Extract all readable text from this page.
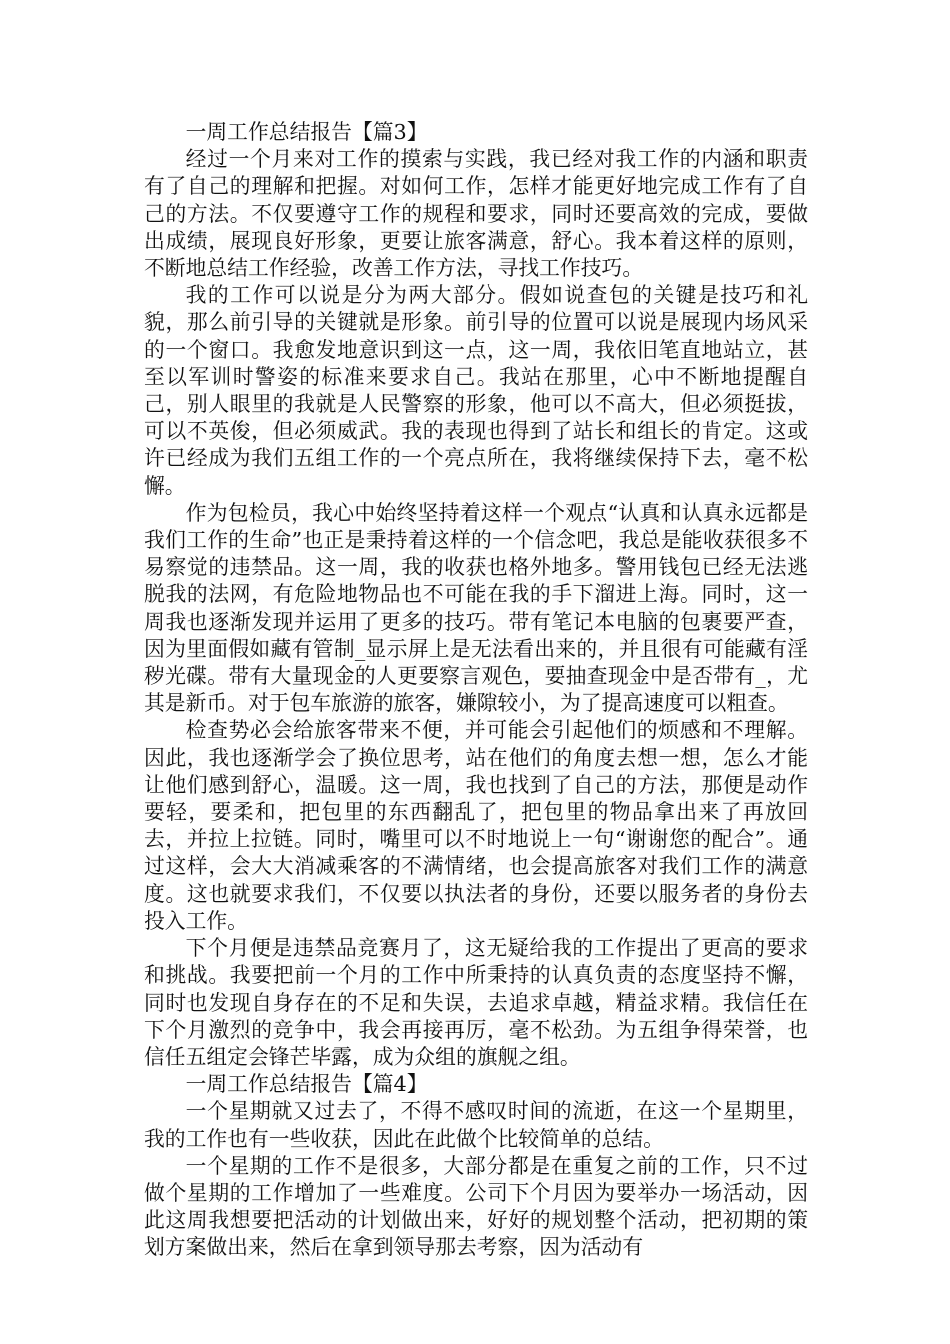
一周工作总结报告【篇3】

经过一个月来对工作的摸索与实践，我已经对我工作的内涵和职责有了自己的理解和把握。对如何工作，怎样才能更好地完成工作有了自己的方法。不仅要遵守工作的规程和要求，同时还要高效的完成，要做出成绩，展现良好形象，更要让旅客满意，舒心。我本着这样的原则，不断地总结工作经验，改善工作方法，寻找工作技巧。

我的工作可以说是分为两大部分。假如说查包的关键是技巧和礼貌，那么前引导的关键就是形象。前引导的位置可以说是展现内场风采的一个窗口。我愈发地意识到这一点，这一周，我依旧笔直地站立，甚至以军训时警姿的标准来要求自己。我站在那里，心中不断地提醒自己，别人眼里的我就是人民警察的形象，他可以不高大，但必须挺拔，可以不英俊，但必须威武。我的表现也得到了站长和组长的肯定。这或许已经成为我们五组工作的一个亮点所在，我将继续保持下去，毫不松懈。

作为包检员，我心中始终坚持着这样一个观点“认真和认真永远都是我们工作的生命”也正是秉持着这样的一个信念吧，我总是能收获很多不易察觉的违禁品。这一周，我的收获也格外地多。警用钱包已经无法逃脱我的法网，有危险地物品也不可能在我的手下溜进上海。同时，这一周我也逐渐发现并运用了更多的技巧。带有笔记本电脑的包裹要严查，因为里面假如藏有管制_显示屏上是无法看出来的，并且很有可能藏有淫秽光碟。带有大量现金的人更要察言观色，要抽查现金中是否带有_，尤其是新币。对于包车旅游的旅客，嫌隙较小，为了提高速度可以粗查。

检查势必会给旅客带来不便，并可能会引起他们的烦感和不理解。因此，我也逐渐学会了换位思考，站在他们的角度去想一想，怎么才能让他们感到舒心，温暖。这一周，我也找到了自己的方法，那便是动作要轻，要柔和，把包里的东西翻乱了，把包里的物品拿出来了再放回去，并拉上拉链。同时，嘴里可以不时地说上一句“谢谢您的配合”。通过这样，会大大消减乘客的不满情绪，也会提高旅客对我们工作的满意度。这也就要求我们，不仅要以执法者的身份，还要以服务者的身份去投入工作。

下个月便是违禁品竞赛月了，这无疑给我的工作提出了更高的要求和挑战。我要把前一个月的工作中所秉持的认真负责的态度坚持不懈，同时也发现自身存在的不足和失误，去追求卓越，精益求精。我信任在下个月激烈的竞争中，我会再接再厉，毫不松劲。为五组争得荣誉，也信任五组定会锋芒毕露，成为众组的旗舰之组。

一周工作总结报告【篇4】

一个星期就又过去了，不得不感叹时间的流逝，在这一个星期里，我的工作也有一些收获，因此在此做个比较简单的总结。

一个星期的工作不是很多，大部分都是在重复之前的工作，只不过做个星期的工作增加了一些难度。公司下个月因为要举办一场活动，因此这周我想要把活动的计划做出来，好好的规划整个活动，把初期的策划方案做出来，然后在拿到领导那去考察，因为活动有
